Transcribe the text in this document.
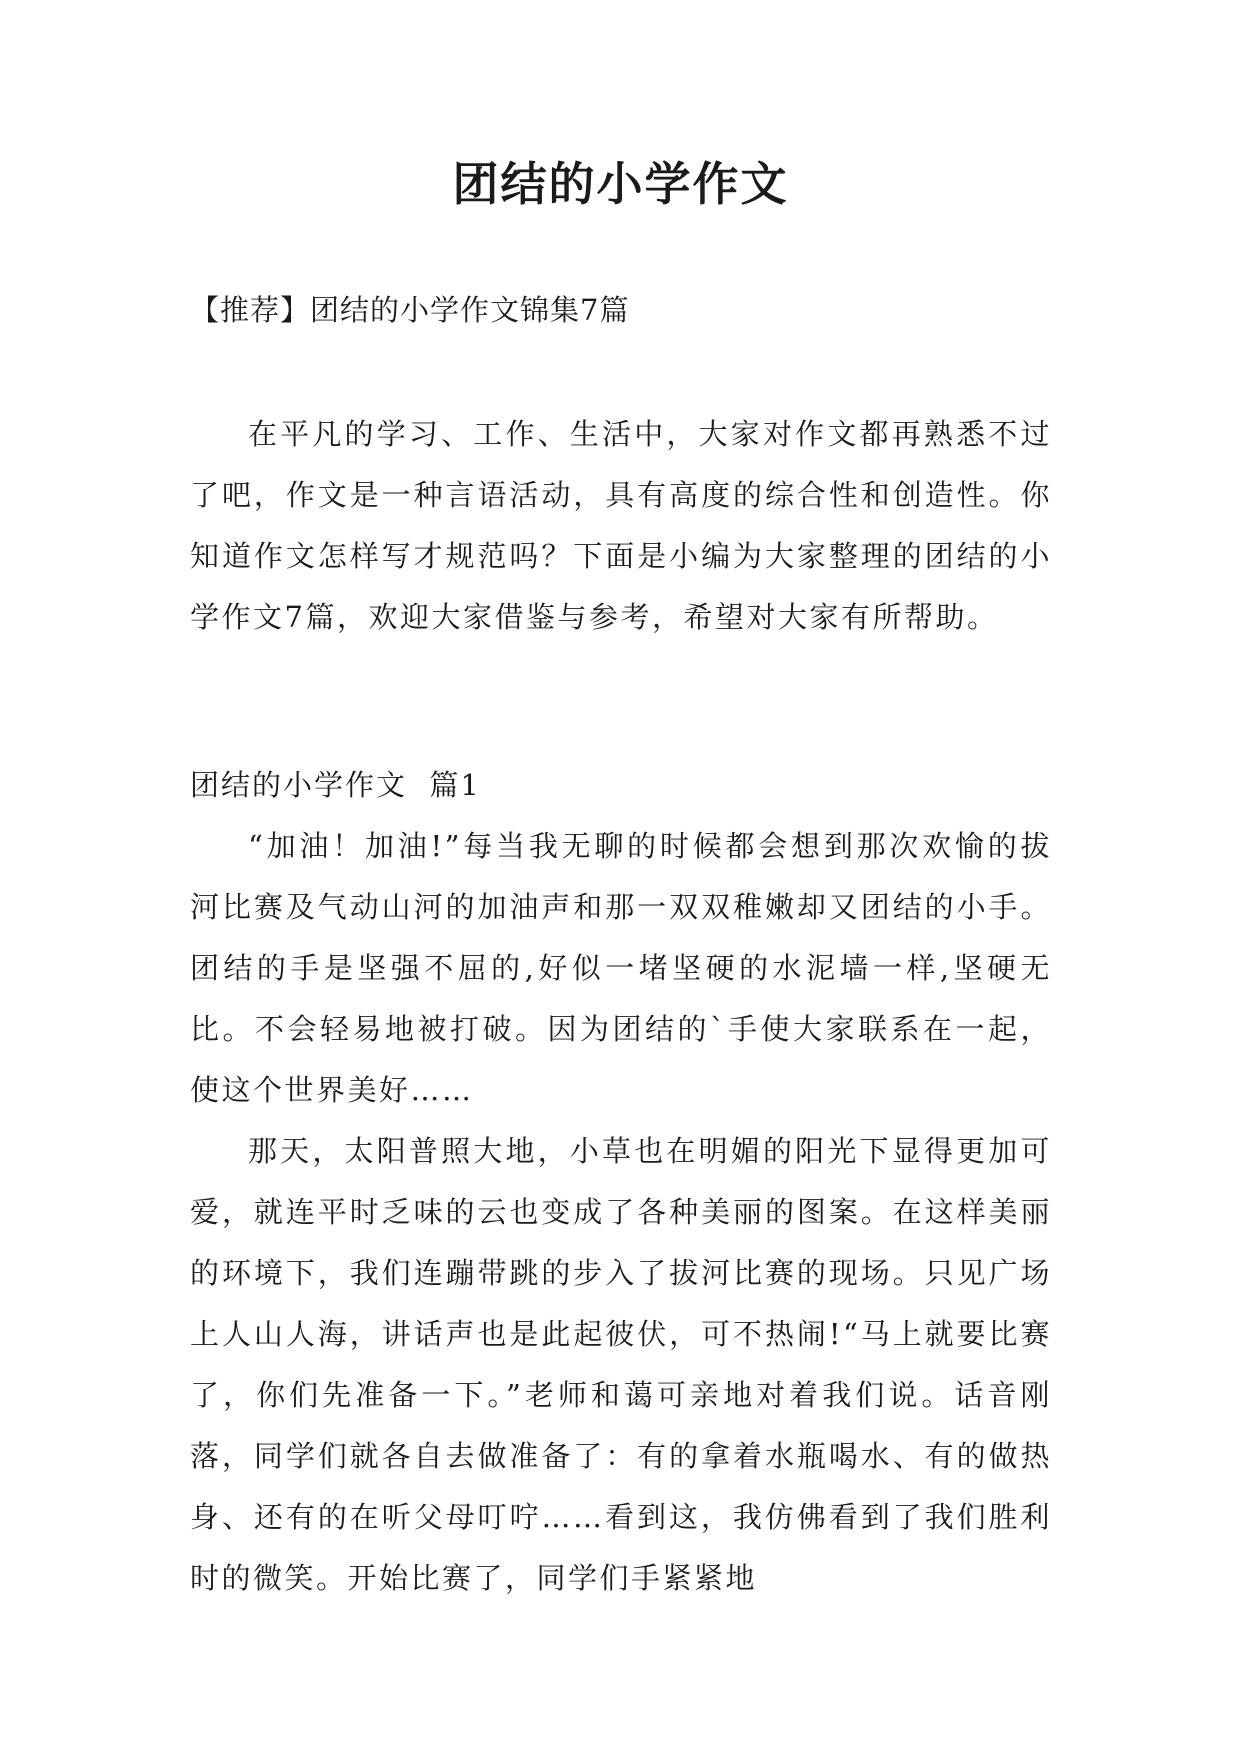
团结的小学作文

【推荐】团结的小学作文锦集7篇

在平凡的学习、工作、生活中，大家对作文都再熟悉不过了吧，作文是一种言语活动，具有高度的综合性和创造性。你知道作文怎样写才规范吗？下面是小编为大家整理的团结的小学作文7篇，欢迎大家借鉴与参考，希望对大家有所帮助。

团结的小学作文  篇1

“加油！加油!”每当我无聊的时候都会想到那次欢愉的拔河比赛及气动山河的加油声和那一双双稚嫩却又团结的小手。团结的手是坚强不屈的,好似一堵坚硬的水泥墙一样,坚硬无比。不会轻易地被打破。因为团结的`手使大家联系在一起，使这个世界美好……

那天，太阳普照大地，小草也在明媚的阳光下显得更加可爱，就连平时乏味的云也变成了各种美丽的图案。在这样美丽的环境下，我们连蹦带跳的步入了拔河比赛的现场。只见广场上人山人海，讲话声也是此起彼伏，可不热闹!“马上就要比赛了，你们先准备一下。”老师和蔼可亲地对着我们说。话音刚落，同学们就各自去做准备了：有的拿着水瓶喝水、有的做热身、还有的在听父母叮咛……看到这，我仿佛看到了我们胜利时的微笑。开始比赛了，同学们手紧紧地
